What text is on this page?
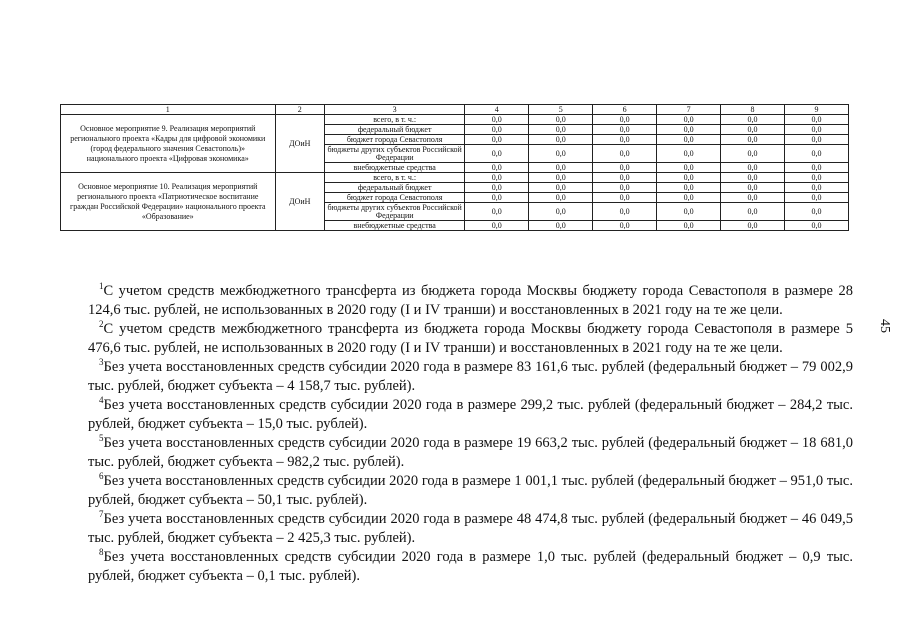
1	2	3	4	5	6	7	8	9
Основное мероприятие 9. Реализация мероприятий регионального проекта «Кадры для цифровой экономики (город федерального значения Севастополь)» национального проекта «Цифровая экономика»	ДОиН	всего, в т. ч.:	0,0	0,0	0,0	0,0	0,0	0,0
		федеральный бюджет	0,0	0,0	0,0	0,0	0,0	0,0
		бюджет города Севастополя	0,0	0,0	0,0	0,0	0,0	0,0
		бюджеты других субъектов Российской Федерации	0,0	0,0	0,0	0,0	0,0	0,0
		внебюджетные средства	0,0	0,0	0,0	0,0	0,0	0,0
Основное мероприятие 10. Реализация мероприятий регионального проекта «Патриотическое воспитание граждан Российской Федерации» национального проекта «Образование»	ДОиН	всего, в т. ч.:	0,0	0,0	0,0	0,0	0,0	0,0
		федеральный бюджет	0,0	0,0	0,0	0,0	0,0	0,0
		бюджет города Севастополя	0,0	0,0	0,0	0,0	0,0	0,0
		бюджеты других субъектов Российской Федерации	0,0	0,0	0,0	0,0	0,0	0,0
		внебюджетные средства	0,0	0,0	0,0	0,0	0,0	0,0

$^1$С учетом средств межбюджетного трансферта из бюджета города Москвы бюджету города Севастополя в размере 28 124,6 тыс. рублей, не использованных в 2020 году (I и IV транши) и восстановленных в 2021 году на те же цели.

$^2$С учетом средств межбюджетного трансферта из бюджета города Москвы бюджету города Севастополя в размере 5 476,6 тыс. рублей, не использованных в 2020 году (I и IV транши) и восстановленных в 2021 году на те же цели.

$^3$Без учета восстановленных средств субсидии 2020 года в размере 83 161,6 тыс. рублей (федеральный бюджет – 79 002,9 тыс. рублей, бюджет субъекта – 4 158,7 тыс. рублей).

$^4$Без учета восстановленных средств субсидии 2020 года в размере 299,2 тыс. рублей (федеральный бюджет – 284,2 тыс. рублей, бюджет субъекта – 15,0 тыс. рублей).

$^5$Без учета восстановленных средств субсидии 2020 года в размере 19 663,2 тыс. рублей (федеральный бюджет – 18 681,0 тыс. рублей, бюджет субъекта – 982,2 тыс. рублей).

$^6$Без учета восстановленных средств субсидии 2020 года в размере 1 001,1 тыс. рублей (федеральный бюджет – 951,0 тыс. рублей, бюджет субъекта – 50,1 тыс. рублей).

$^7$Без учета восстановленных средств субсидии 2020 года в размере 48 474,8 тыс. рублей (федеральный бюджет – 46 049,5 тыс. рублей, бюджет субъекта – 2 425,3 тыс. рублей).

$^8$Без учета восстановленных средств субсидии 2020 года в размере 1,0 тыс. рублей (федеральный бюджет – 0,9 тыс. рублей, бюджет субъекта – 0,1 тыс. рублей).

45
